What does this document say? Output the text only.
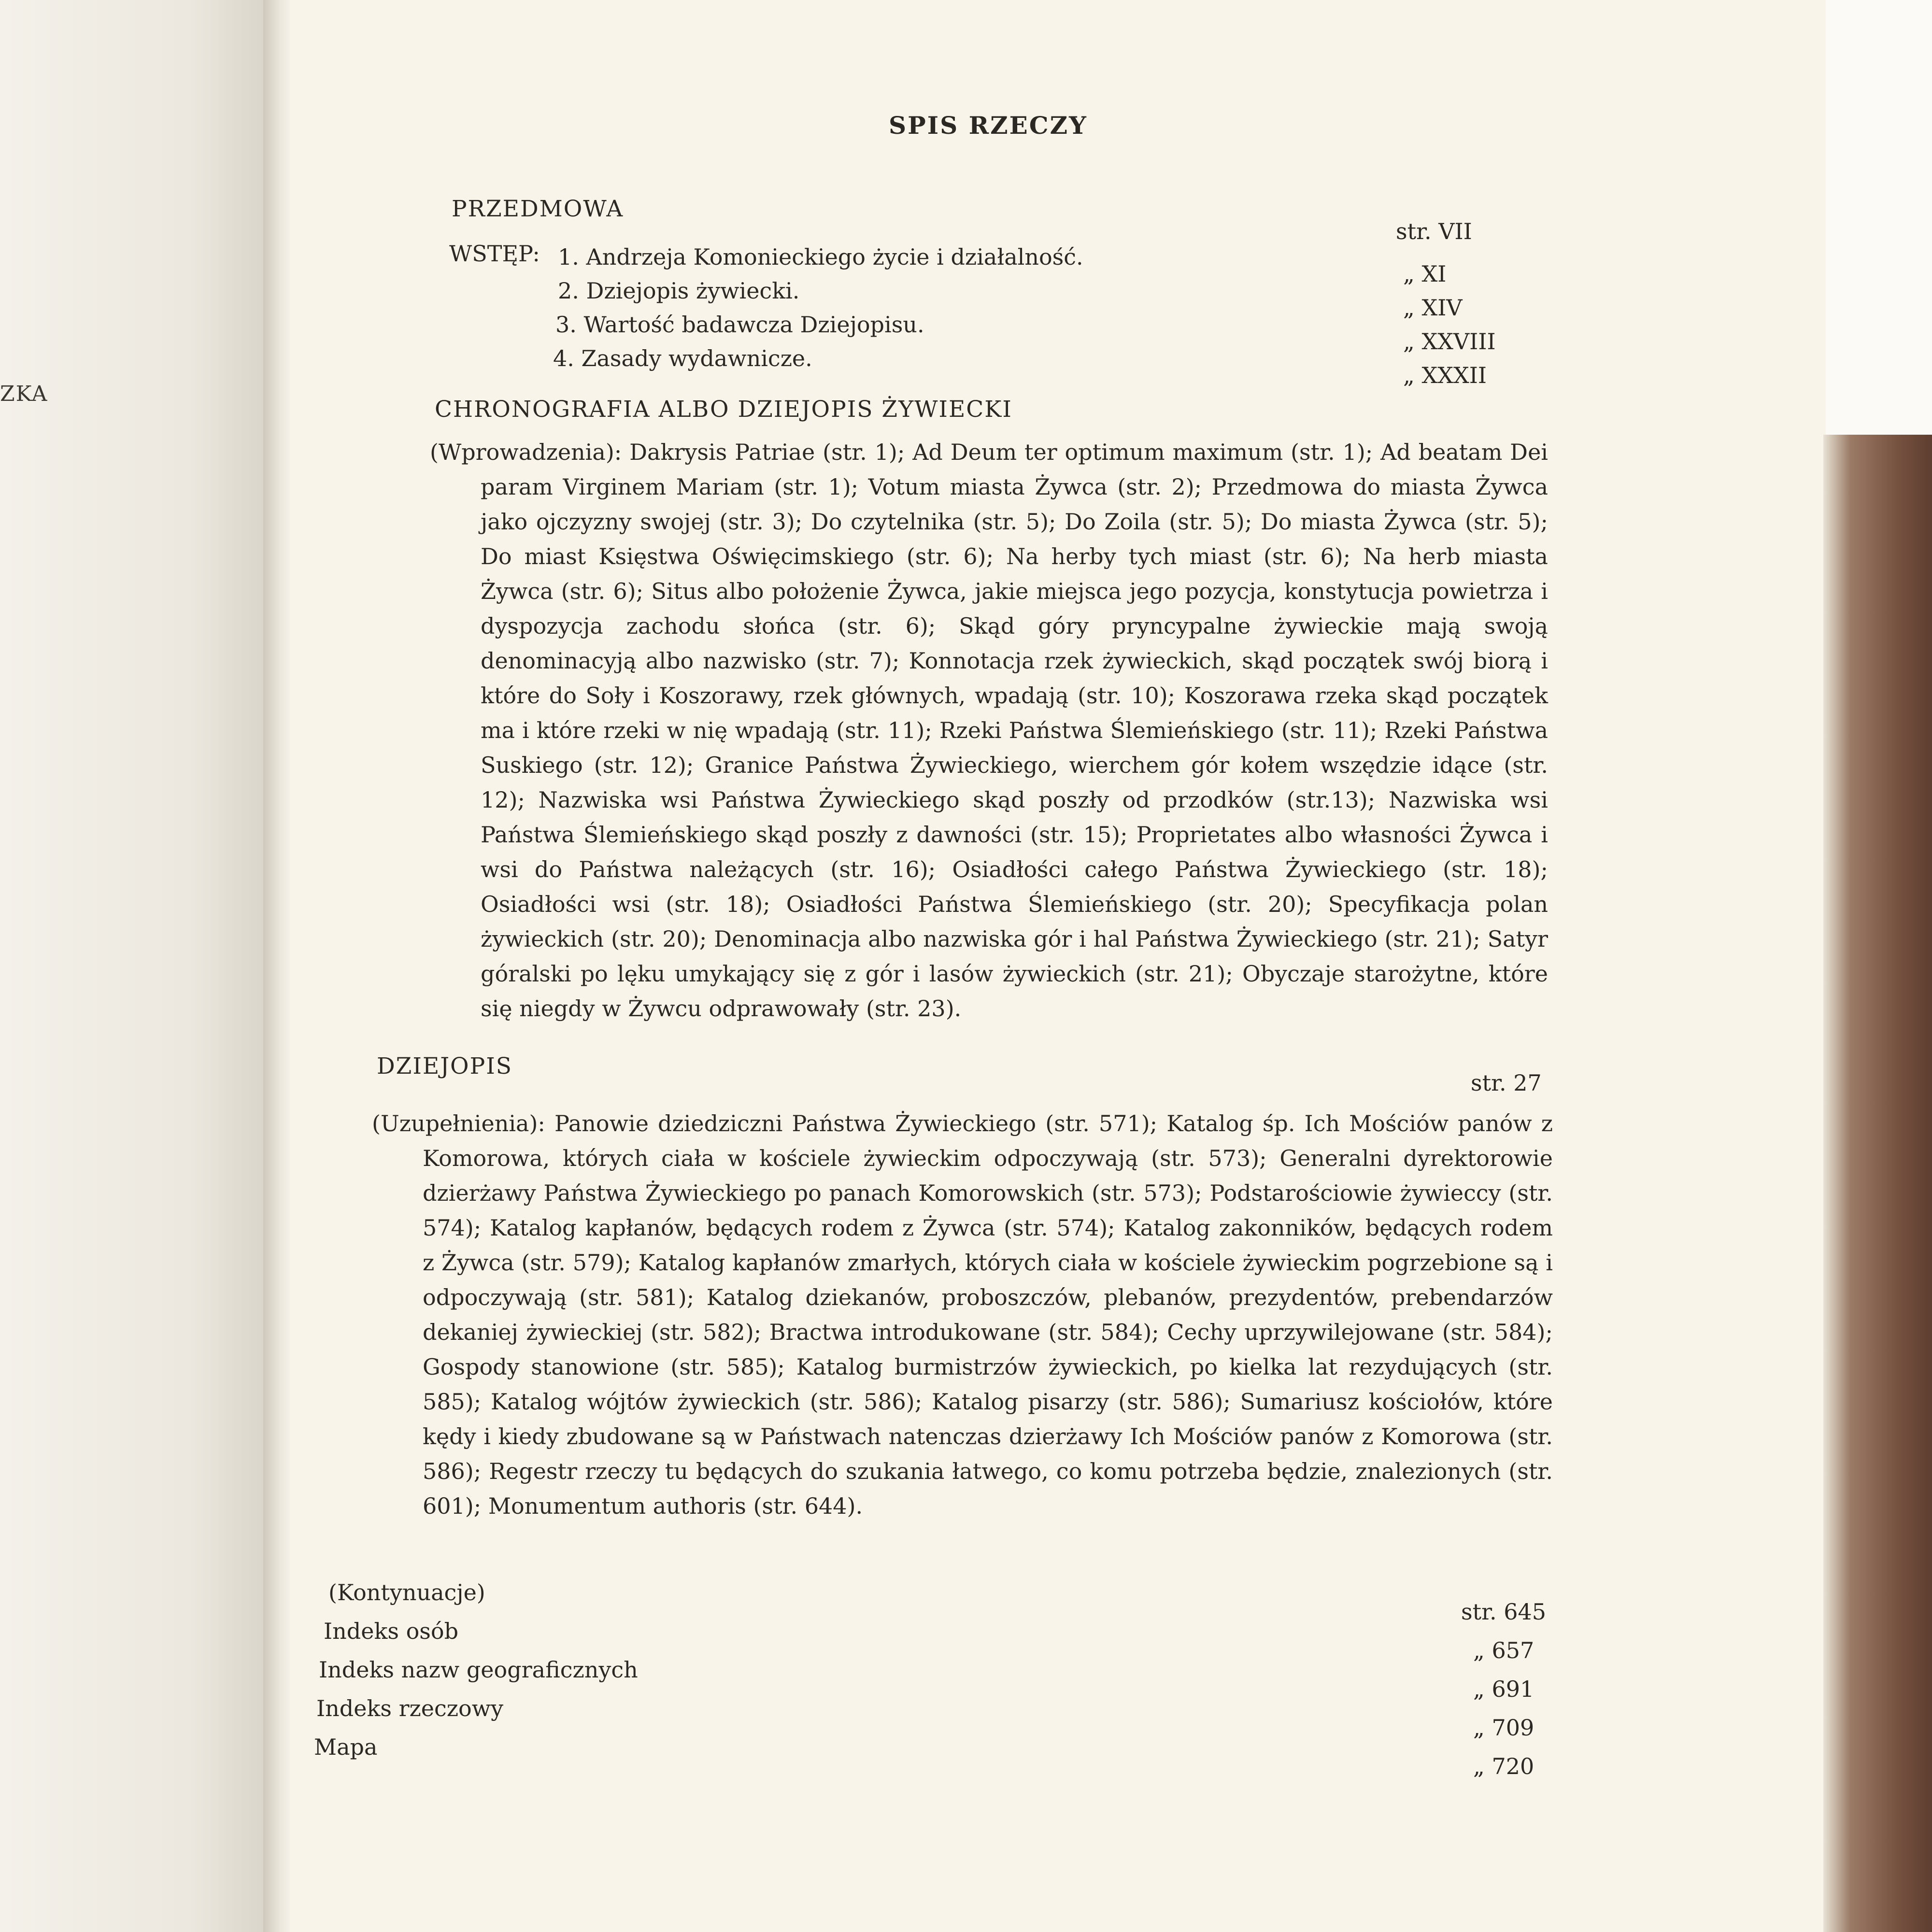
ZKA
SPIS RZECZY
PRZEDMOWA
str. VII
WSTĘP: 1. Andrzeja Komonieckiego życie i działalność.
„ XI
2. Dziejopis żywiecki.
„ XIV
3. Wartość badawcza Dziejopisu.
„ XXVIII
4. Zasady wydawnicze.
„ XXXII
CHRONOGRAFIA ALBO DZIEJOPIS ŻYWIECKI

(Wprowadzenia): Dakrysis Patriae (str. 1); Ad Deum ter optimum maximum (str. 1); Ad beatam Dei param Virginem Mariam (str. 1); Votum miasta Żywca (str. 2); Przedmowa do miasta Żywca jako ojczyzny swojej (str. 3); Do czytelnika (str. 5); Do Zoila (str. 5); Do miasta Żywca (str. 5); Do miast Księstwa Oświęcimskiego (str. 6); Na herby tych miast (str. 6); Na herb miasta Żywca (str. 6); Situs albo położenie Żywca, jakie miejsca jego pozycja, konstytucja powietrza i dyspozycja zachodu słońca (str. 6); Skąd góry pryncypalne żywieckie mają swoją denominacyją albo nazwisko (str. 7); Konnotacja rzek żywieckich, skąd początek swój biorą i które do Soły i Koszorawy, rzek głównych, wpadają (str. 10); Koszorawa rzeka skąd początek ma i które rzeki w nię wpadają (str. 11); Rzeki Państwa Ślemieńskiego (str. 11); Rzeki Państwa Suskiego (str. 12); Granice Państwa Żywieckiego, wierchem gór kołem wszędzie idące (str. 12); Nazwiska wsi Państwa Żywieckiego skąd poszły od przodków (str.13); Nazwiska wsi Państwa Ślemieńskiego skąd poszły z dawności (str. 15); Proprietates albo własności Żywca i wsi do Państwa należących (str. 16); Osiadłości całego Państwa Żywieckiego (str. 18); Osiadłości wsi (str. 18); Osiadłości Państwa Ślemieńskiego (str. 20); Specyfikacja polan żywieckich (str. 20); Denominacja albo nazwiska gór i hal Państwa Żywieckiego (str. 21); Satyr góralski po lęku umykający się z gór i lasów żywieckich (str. 21); Obyczaje starożytne, które się niegdy w Żywcu odprawowały (str. 23).

DZIEJOPIS
str. 27

(Uzupełnienia): Panowie dziedziczni Państwa Żywieckiego (str. 571); Katalog śp. Ich Mościów panów z Komorowa, których ciała w kościele żywieckim odpoczywają (str. 573); Generalni dyrektorowie dzierżawy Państwa Żywieckiego po panach Komorowskich (str. 573); Podstarościowie żywieccy (str. 574); Katalog kapłanów, będących rodem z Żywca (str. 574); Katalog zakonników, będących rodem z Żywca (str. 579); Katalog kapłanów zmarłych, których ciała w kościele żywieckim pogrzebione są i odpoczywają (str. 581); Katalog dziekanów, proboszczów, plebanów, prezydentów, prebendarzów dekaniej żywieckiej (str. 582); Bractwa introdukowane (str. 584); Cechy uprzywilejowane (str. 584); Gospody stanowione (str. 585); Katalog burmistrzów żywieckich, po kielka lat rezydujących (str. 585); Katalog wójtów żywieckich (str. 586); Katalog pisarzy (str. 586); Sumariusz kościołów, które kędy i kiedy zbudowane są w Państwach natenczas dzierżawy Ich Mościów panów z Komorowa (str. 586); Regestr rzeczy tu będących do szukania łatwego, co komu potrzeba będzie, znalezionych (str. 601); Monumentum authoris (str. 644).

(Kontynuacje)
str. 645
Indeks osób
„ 657
Indeks nazw geograficznych
„ 691
Indeks rzeczowy
„ 709
Mapa
„ 720
